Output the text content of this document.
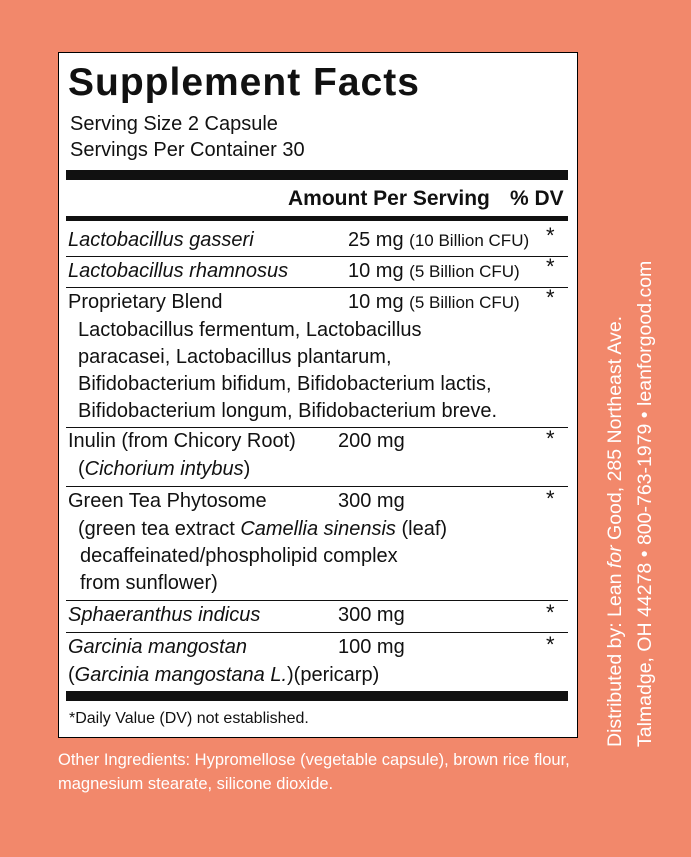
Supplement Facts
Serving Size 2 Capsule
Servings Per Container 30
Amount Per Serving % DV
Lactobacillus gasseri	25 mg (10 Billion CFU) *
Lactobacillus rhamnosus	10 mg (5 Billion CFU) *
Proprietary Blend	10 mg (5 Billion CFU) *
Lactobacillus fermentum, Lactobacillus
paracasei, Lactobacillus plantarum,
Bifidobacterium bifidum, Bifidobacterium lactis,
Bifidobacterium longum, Bifidobacterium breve.
Inulin (from Chicory Root) 200 mg	*
(Cichorium intybus)
Green Tea Phytosome	300 mg	*
(green tea extract Camellia sinensis (leaf)
decaffeinated/phospholipid complex
from sunflower)
Sphaeranthus indicus	300 mg	*
Garcinia mangostan	100 mg	*
(Garcinia mangostana L.)(pericarp)
*Daily Value (DV) not established.

Other Ingredients: Hypromellose (vegetable capsule), brown rice flour, magnesium stearate, silicone dioxide.

Distributed by: Lean for Good, 285 Northeast Ave. Talmadge, OH 44278 • 800-763-1979 • leanforgood.com
